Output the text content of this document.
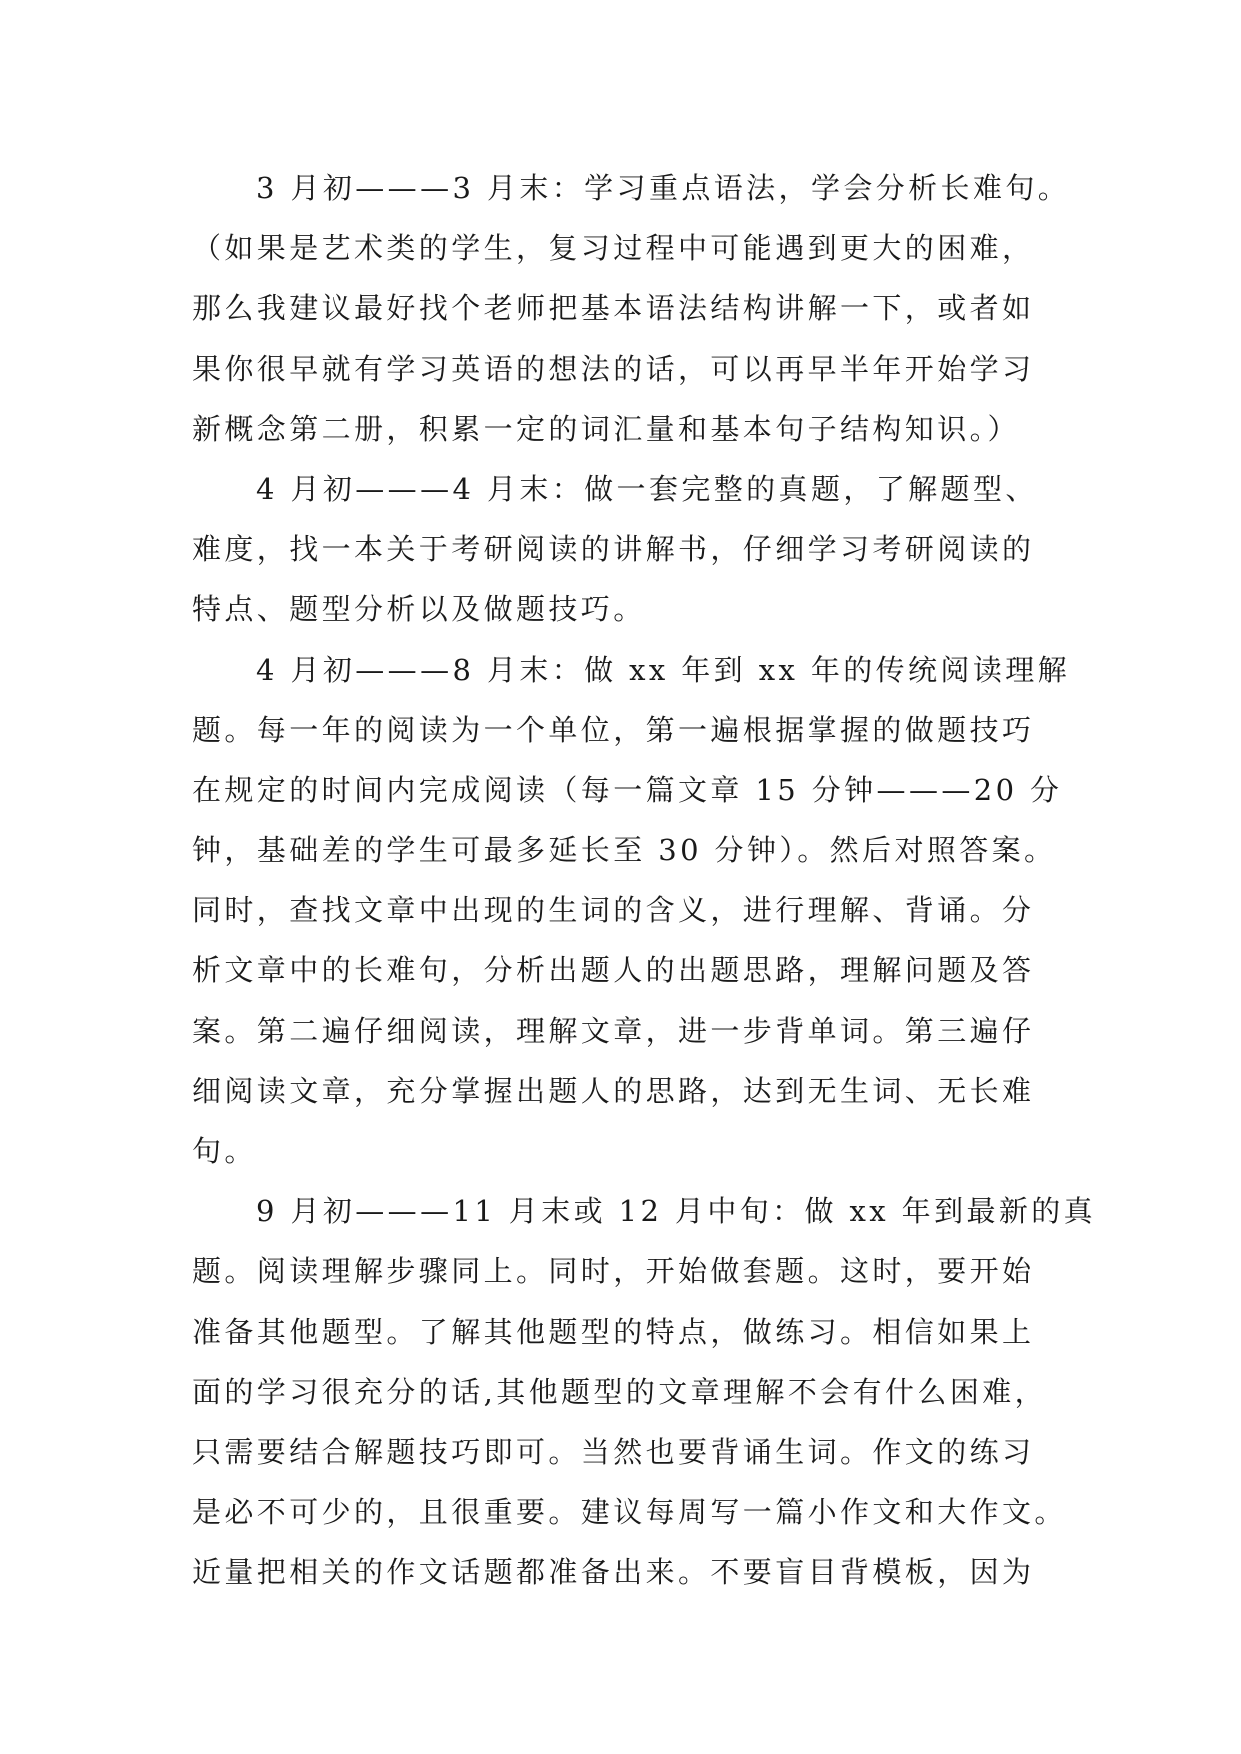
3 月初———3 月末：学习重点语法，学会分析长难句。
（如果是艺术类的学生，复习过程中可能遇到更大的困难，
那么我建议最好找个老师把基本语法结构讲解一下，或者如
果你很早就有学习英语的想法的话，可以再早半年开始学习
新概念第二册，积累一定的词汇量和基本句子结构知识。）
4 月初———4 月末：做一套完整的真题，了解题型、
难度，找一本关于考研阅读的讲解书，仔细学习考研阅读的
特点、题型分析以及做题技巧。
4 月初———8 月末：做 xx 年到 xx 年的传统阅读理解
题。每一年的阅读为一个单位，第一遍根据掌握的做题技巧
在规定的时间内完成阅读（每一篇文章 15 分钟———20 分
钟，基础差的学生可最多延长至 30 分钟）。然后对照答案。
同时，查找文章中出现的生词的含义，进行理解、背诵。分
析文章中的长难句，分析出题人的出题思路，理解问题及答
案。第二遍仔细阅读，理解文章，进一步背单词。第三遍仔
细阅读文章，充分掌握出题人的思路，达到无生词、无长难
句。
9 月初———11 月末或 12 月中旬：做 xx 年到最新的真
题。阅读理解步骤同上。同时，开始做套题。这时，要开始
准备其他题型。了解其他题型的特点，做练习。相信如果上
面的学习很充分的话,其他题型的文章理解不会有什么困难，
只需要结合解题技巧即可。当然也要背诵生词。作文的练习
是必不可少的，且很重要。建议每周写一篇小作文和大作文。
近量把相关的作文话题都准备出来。不要盲目背模板，因为
